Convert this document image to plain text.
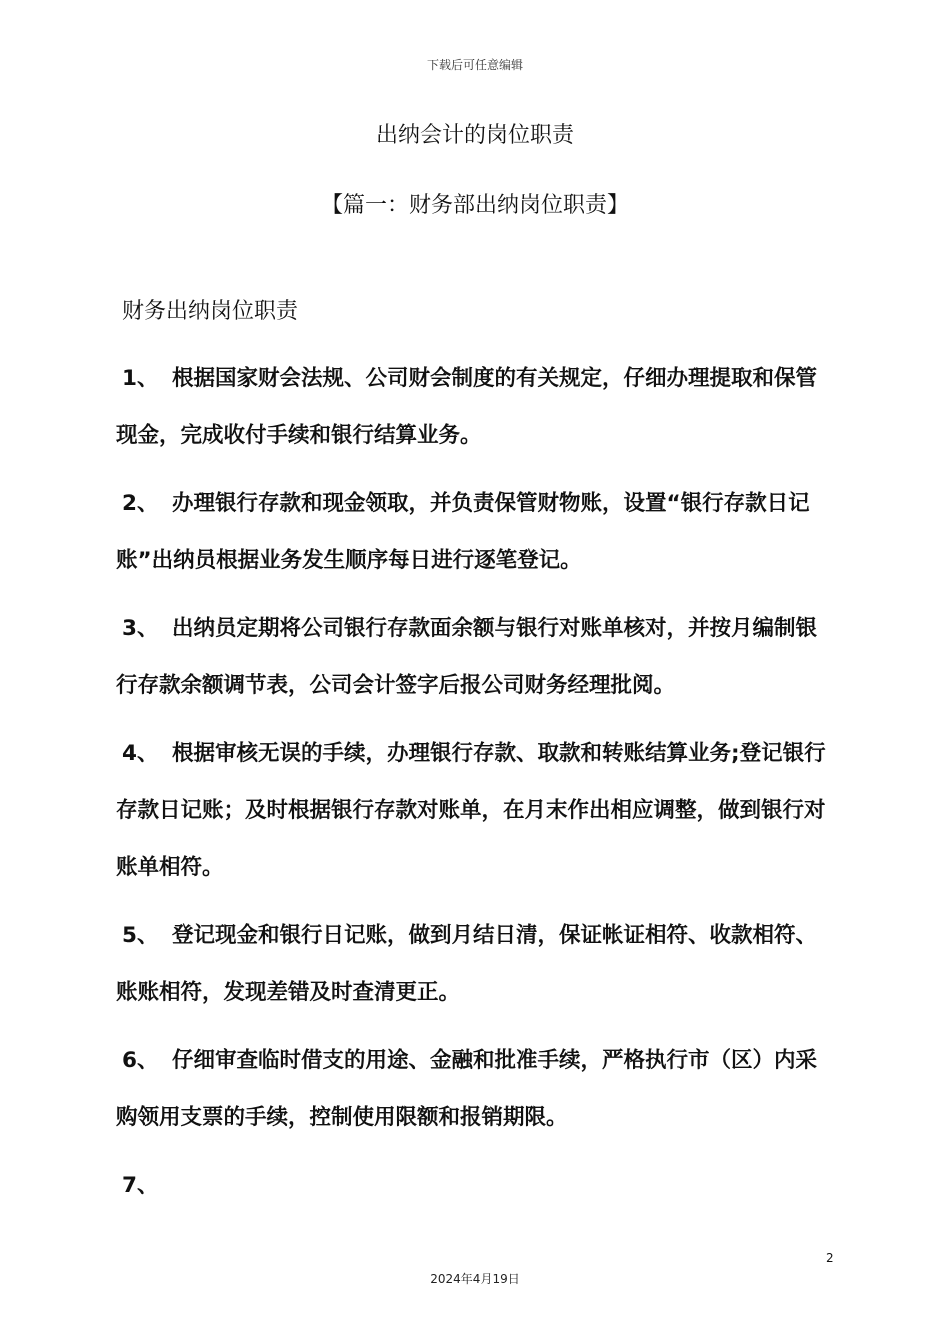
下载后可任意编辑
出纳会计的岗位职责
【篇一：财务部出纳岗位职责】
财务出纳岗位职责
1、 根据国家财会法规、公司财会制度的有关规定，仔细办理提取和保管现金，完成收付手续和银行结算业务。
2、 办理银行存款和现金领取，并负责保管财物账，设置“银行存款日记账”出纳员根据业务发生顺序每日进行逐笔登记。
3、 出纳员定期将公司银行存款面余额与银行对账单核对，并按月编制银行存款余额调节表，公司会计签字后报公司财务经理批阅。
4、 根据审核无误的手续，办理银行存款、取款和转账结算业务;登记银行存款日记账；及时根据银行存款对账单，在月末作出相应调整，做到银行对账单相符。
5、 登记现金和银行日记账，做到月结日清，保证帐证相符、收款相符、账账相符，发现差错及时查清更正。
6、 仔细审查临时借支的用途、金融和批准手续，严格执行市（区）内采购领用支票的手续，控制使用限额和报销期限。
7、
2
2024年4月19日
